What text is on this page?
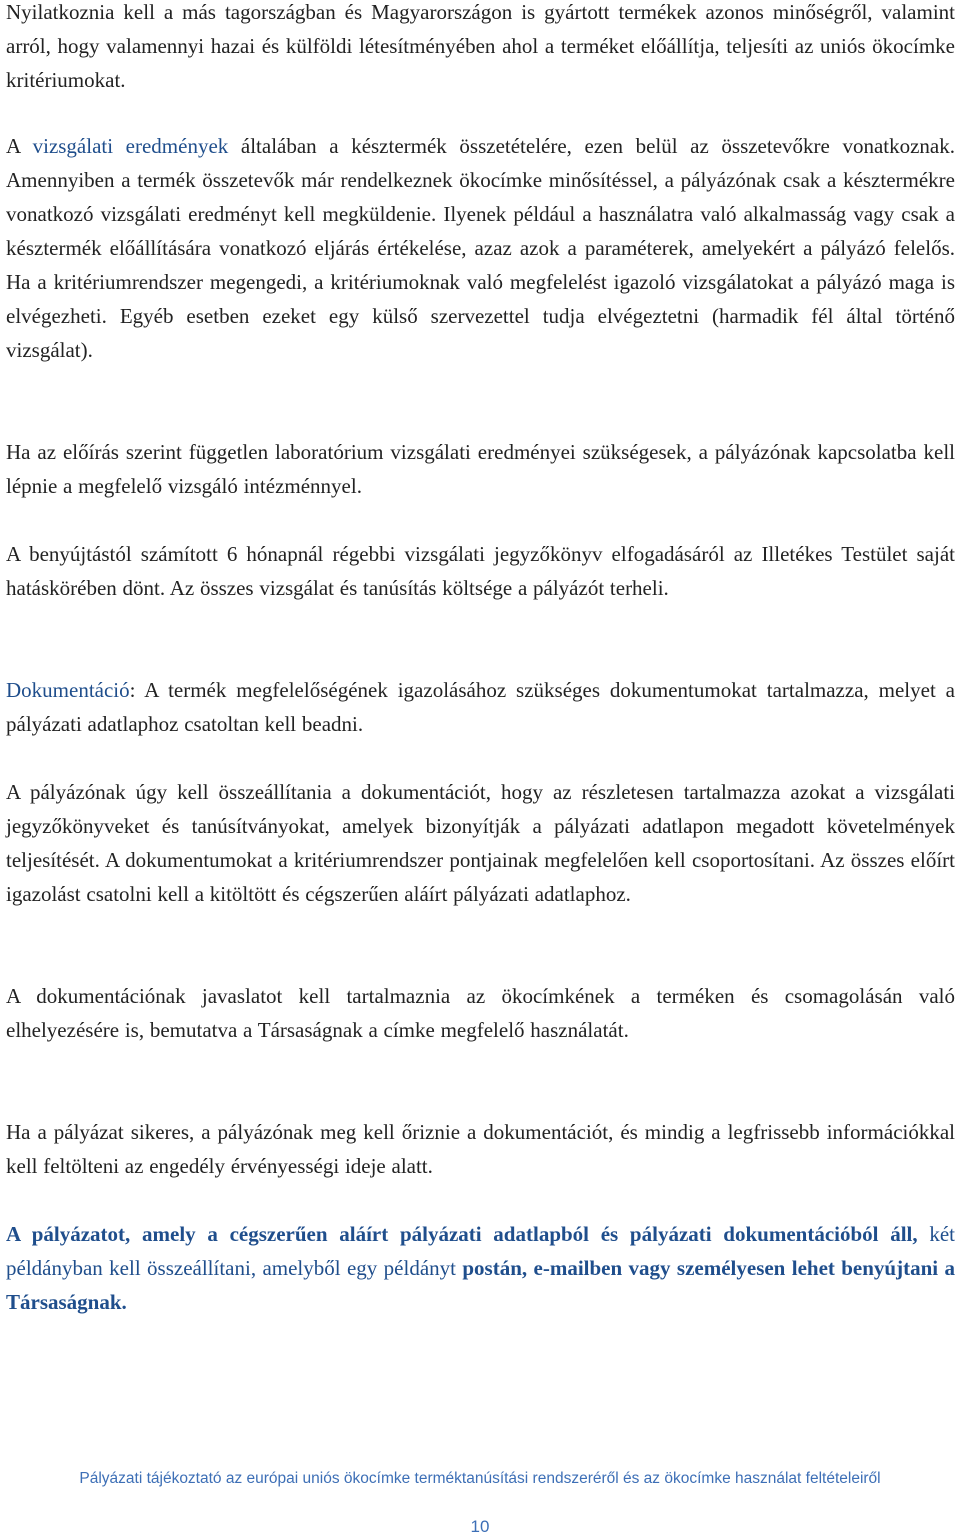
Nyilatkoznia kell a más tagországban és Magyarországon is gyártott termékek azonos minőségről, valamint arról, hogy valamennyi hazai és külföldi létesítményében ahol a terméket előállítja, teljesíti az uniós ökocímke kritériumokat.

A vizsgálati eredmények általában a késztermék összetételére, ezen belül az összetevőkre vonatkoznak. Amennyiben a termék összetevők már rendelkeznek ökocímke minősítéssel, a pályázónak csak a késztermékre vonatkozó vizsgálati eredményt kell megküldenie. Ilyenek például a használatra való alkalmasság vagy csak a késztermék előállítására vonatkozó eljárás értékelése, azaz azok a paraméterek, amelyekért a pályázó felelős. Ha a kritériumrendszer megengedi, a kritériumoknak való megfelelést igazoló vizsgálatokat a pályázó maga is elvégezheti. Egyéb esetben ezeket egy külső szervezettel tudja elvégeztetni (harmadik fél által történő vizsgálat).

Ha az előírás szerint független laboratórium vizsgálati eredményei szükségesek, a pályázónak kapcsolatba kell lépnie a megfelelő vizsgáló intézménnyel.

A benyújtástól számított 6 hónapnál régebbi vizsgálati jegyzőkönyv elfogadásáról az Illetékes Testület saját hatáskörében dönt. Az összes vizsgálat és tanúsítás költsége a pályázót terheli.

Dokumentáció: A termék megfelelőségének igazolásához szükséges dokumentumokat tartalmazza, melyet a pályázati adatlaphoz csatoltan kell beadni.

A pályázónak úgy kell összeállítania a dokumentációt, hogy az részletesen tartalmazza azokat a vizsgálati jegyzőkönyveket és tanúsítványokat, amelyek bizonyítják a pályázati adatlapon megadott követelmények teljesítését. A dokumentumokat a kritériumrendszer pontjainak megfelelően kell csoportosítani. Az összes előírt igazolást csatolni kell a kitöltött és cégszerűen aláírt pályázati adatlaphoz.

A dokumentációnak javaslatot kell tartalmaznia az ökocímkének a terméken és csomagolásán való elhelyezésére is, bemutatva a Társaságnak a címke megfelelő használatát.

Ha a pályázat sikeres, a pályázónak meg kell őriznie a dokumentációt, és mindig a legfrissebb információkkal kell feltölteni az engedély érvényességi ideje alatt.

A pályázatot, amely a cégszerűen aláírt pályázati adatlapból és pályázati dokumentációból áll, két példányban kell összeállítani, amelyből egy példányt postán, e-mailben vagy személyesen lehet benyújtani a Társaságnak.

Pályázati tájékoztató az európai uniós ökocímke terméktanúsítási rendszeréről és az ökocímke használat feltételeiről

10
